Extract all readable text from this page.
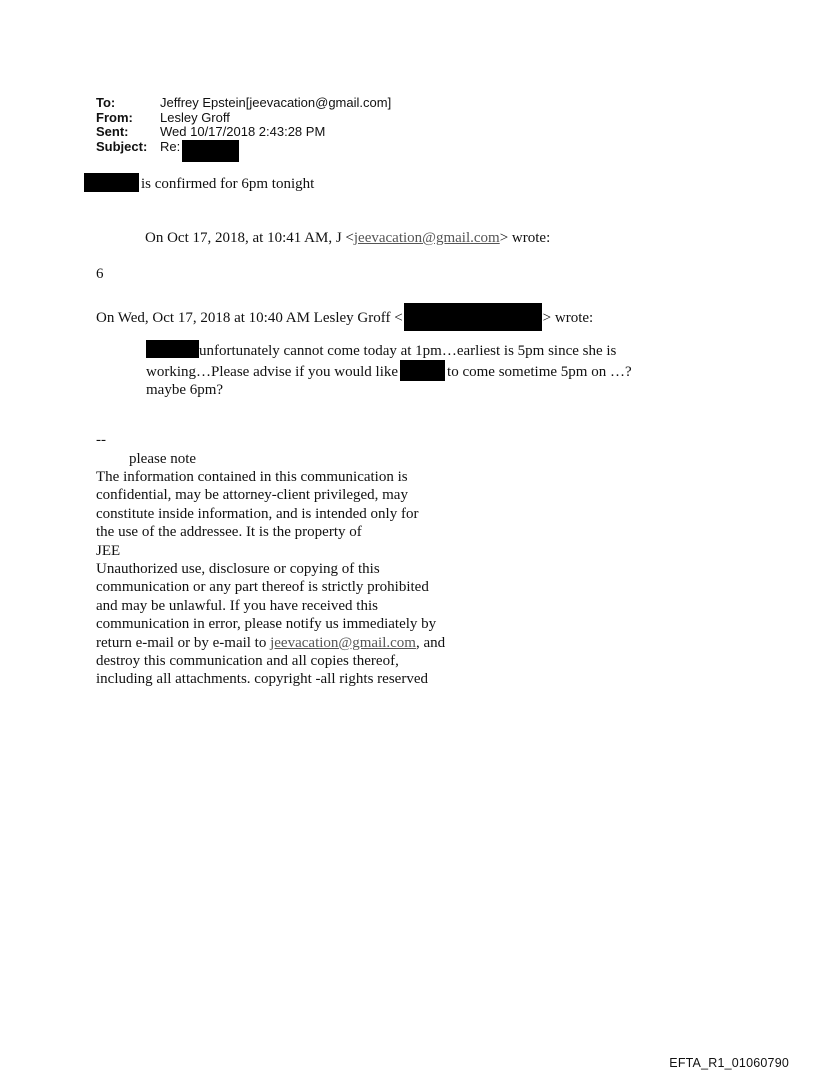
To:	Jeffrey Epstein[jeevacation@gmail.com]
From:	Lesley Groff
Sent:	Wed 10/17/2018 2:43:28 PM
Subject: Re:
is confirmed for 6pm tonight
On Oct 17, 2018, at 10:41 AM, J <jeevacation@gmail.com> wrote:
6
On Wed, Oct 17, 2018 at 10:40 AM Lesley Groff <	> wrote:
unfortunately cannot come today at 1pm…earliest is 5pm since she is
working…Please advise if you would like	to come sometime 5pm on …?
maybe 6pm?
--
please note
The information contained in this communication is
confidential, may be attorney-client privileged, may
constitute inside information, and is intended only for
the use of the addressee. It is the property of
JEE
Unauthorized use, disclosure or copying of this
communication or any part thereof is strictly prohibited
and may be unlawful. If you have received this
communication in error, please notify us immediately by
return e-mail or by e-mail to jeevacation@gmail.com, and
destroy this communication and all copies thereof,
including all attachments. copyright -all rights reserved
EFTA_R1_01060790
